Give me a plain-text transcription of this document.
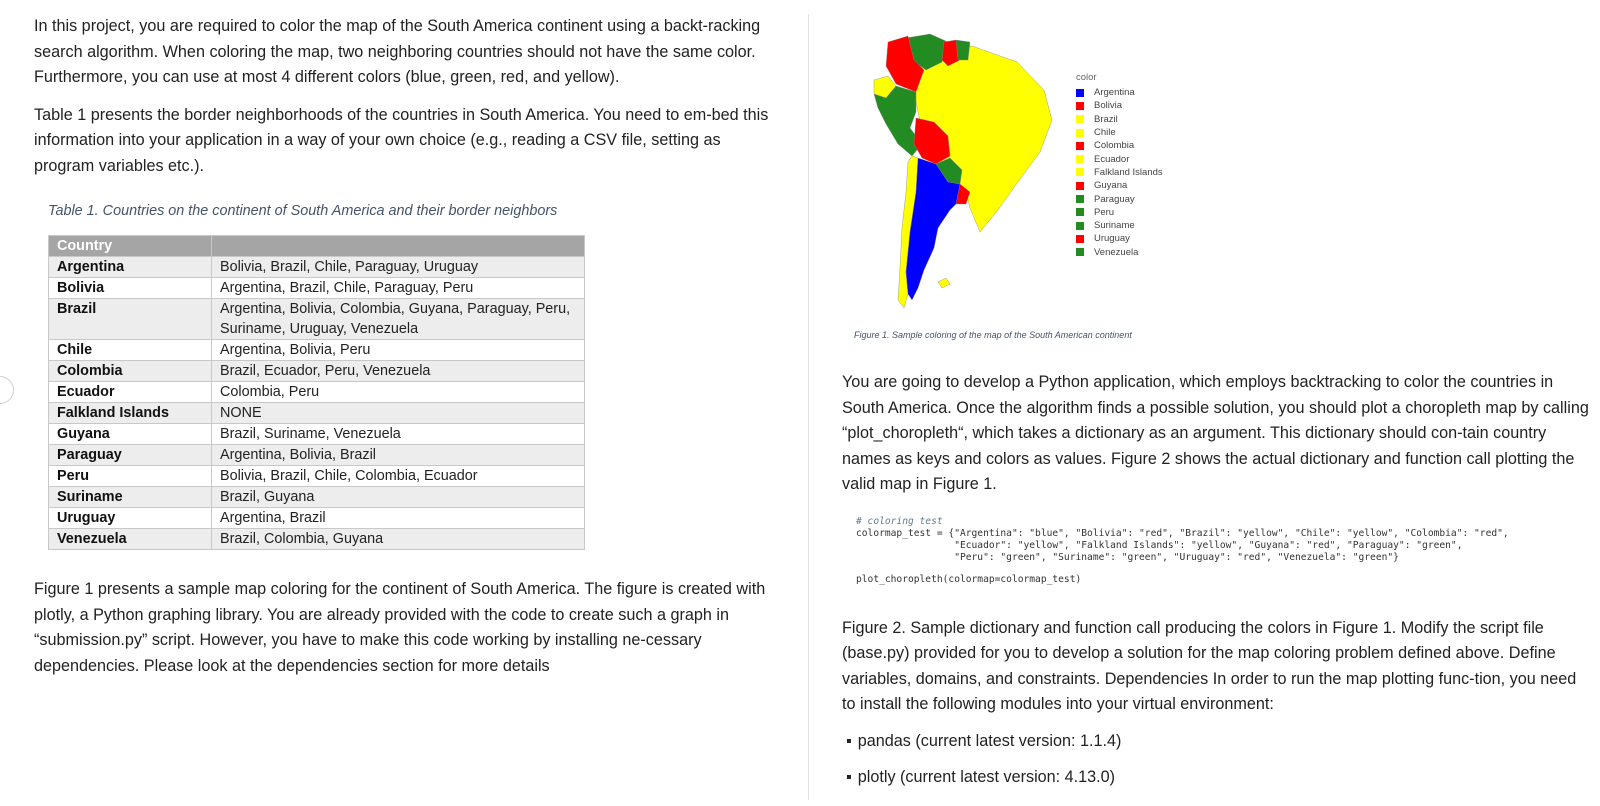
In this project, you are required to color the map of the South America continent using a backt-racking search algorithm. When coloring the map, two neighboring countries should not have the same color. Furthermore, you can use at most 4 different colors (blue, green, red, and yellow).

Table 1 presents the border neighborhoods of the countries in South America. You need to em-bed this information into your application in a way of your own choice (e.g., reading a CSV file, setting as program variables etc.).

Table 1. Countries on the continent of South America and their border neighbors
Country	
Argentina	Bolivia, Brazil, Chile, Paraguay, Uruguay
Bolivia	Argentina, Brazil, Chile, Paraguay, Peru
Brazil	Argentina, Bolivia, Colombia, Guyana, Paraguay, Peru, Suriname, Uruguay, Venezuela
Chile	Argentina, Bolivia, Peru
Colombia	Brazil, Ecuador, Peru, Venezuela
Ecuador	Colombia, Peru
Falkland Islands	NONE
Guyana	Brazil, Suriname, Venezuela
Paraguay	Argentina, Bolivia, Brazil
Peru	Bolivia, Brazil, Chile, Colombia, Ecuador
Suriname	Brazil, Guyana
Uruguay	Argentina, Brazil
Venezuela	Brazil, Colombia, Guyana

Figure 1 presents a sample map coloring for the continent of South America. The figure is created with plotly, a Python graphing library. You are already provided with the code to create such a graph in “submission.py” script. However, you have to make this code working by installing ne-cessary dependencies. Please look at the dependencies section for more details

color
Argentina
Bolivia
Brazil
Chile
Colombia
Ecuador
Falkland Islands
Guyana
Paraguay
Peru
Suriname
Uruguay
Venezuela
Figure 1. Sample coloring of the map of the South American continent

You are going to develop a Python application, which employs backtracking to color the countries in South America. Once the algorithm finds a possible solution, you should plot a choropleth map by calling “plot_choropleth“, which takes a dictionary as an argument. This dictionary should con-tain country names as keys and colors as values. Figure 2 shows the actual dictionary and function call plotting the valid map in Figure 1.

# coloring test
colormap_test = {"Argentina": "blue", "Bolivia": "red", "Brazil": "yellow", "Chile": "yellow", "Colombia": "red",
"Ecuador": "yellow", "Falkland Islands": "yellow", "Guyana": "red", "Paraguay": "green",
"Peru": "green", "Suriname": "green", "Uruguay": "red", "Venezuela": "green"}
plot_choropleth(colormap=colormap_test)

Figure 2. Sample dictionary and function call producing the colors in Figure 1. Modify the script file (base.py) provided for you to develop a solution for the map coloring problem defined above. Define variables, domains, and constraints. Dependencies In order to run the map plotting func-tion, you need to install the following modules into your virtual environment:

▪ pandas (current latest version: 1.1.4)
▪ plotly (current latest version: 4.13.0)
